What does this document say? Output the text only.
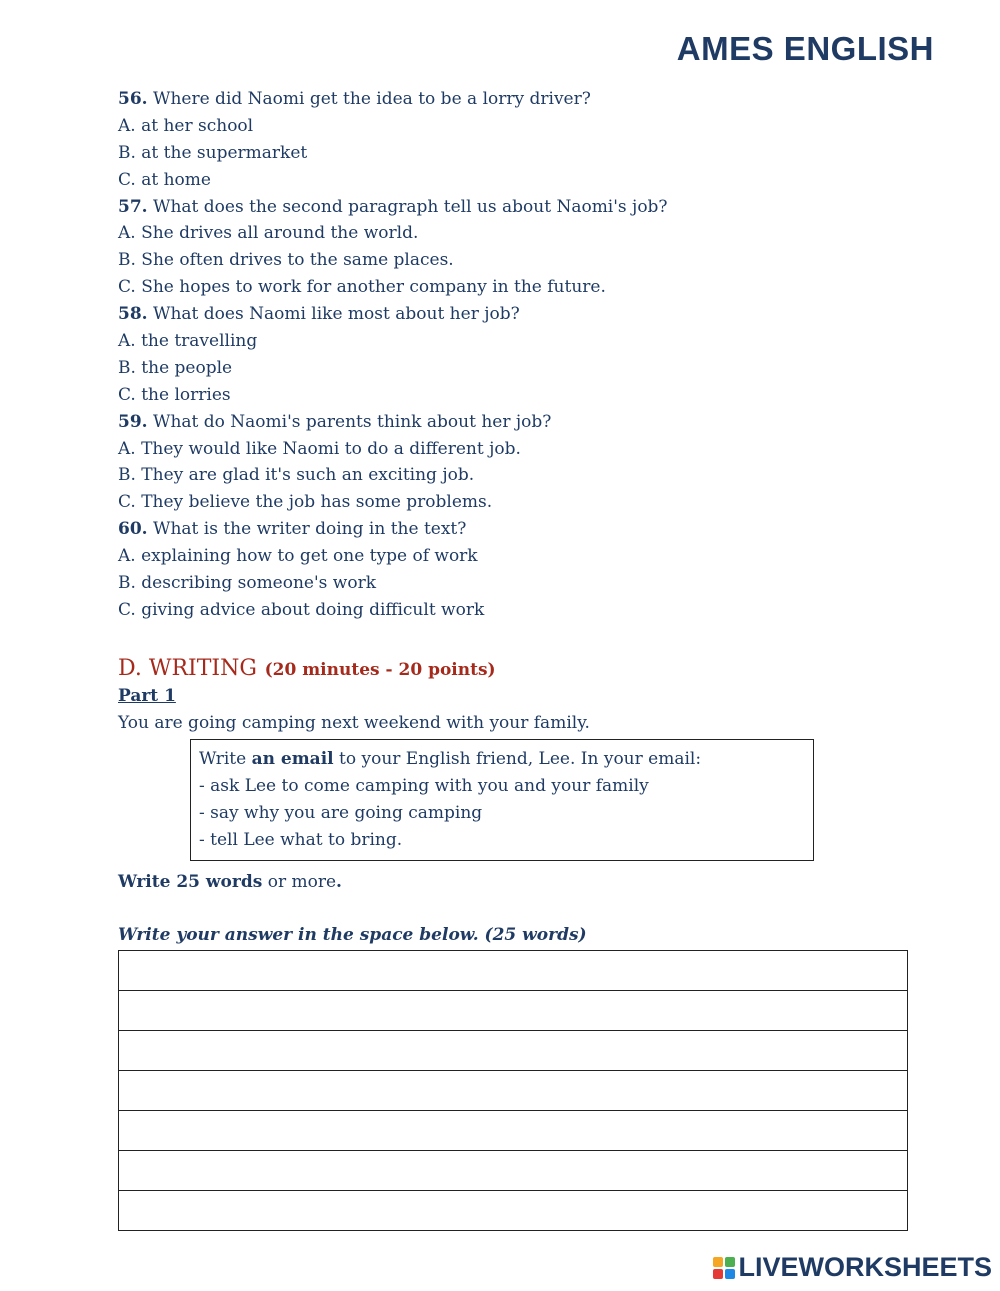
AMES ENGLISH
56. Where did Naomi get the idea to be a lorry driver?
A. at her school
B. at the supermarket
C. at home
57. What does the second paragraph tell us about Naomi's job?
A. She drives all around the world.
B. She often drives to the same places.
C. She hopes to work for another company in the future.
58. What does Naomi like most about her job?
A. the travelling
B. the people
C. the lorries
59. What do Naomi's parents think about her job?
A. They would like Naomi to do a different job.
B. They are glad it's such an exciting job.
C. They believe the job has some problems.
60. What is the writer doing in the text?
A. explaining how to get one type of work
B. describing someone's work
C. giving advice about doing difficult work
D. WRITING (20 minutes - 20 points)
Part 1
You are going camping next weekend with your family.
Write an email to your English friend, Lee. In your email:
- ask Lee to come camping with you and your family
- say why you are going camping
- tell Lee what to bring.
Write 25 words or more.
Write your answer in the space below. (25 words)
LIVEWORKSHEETS
